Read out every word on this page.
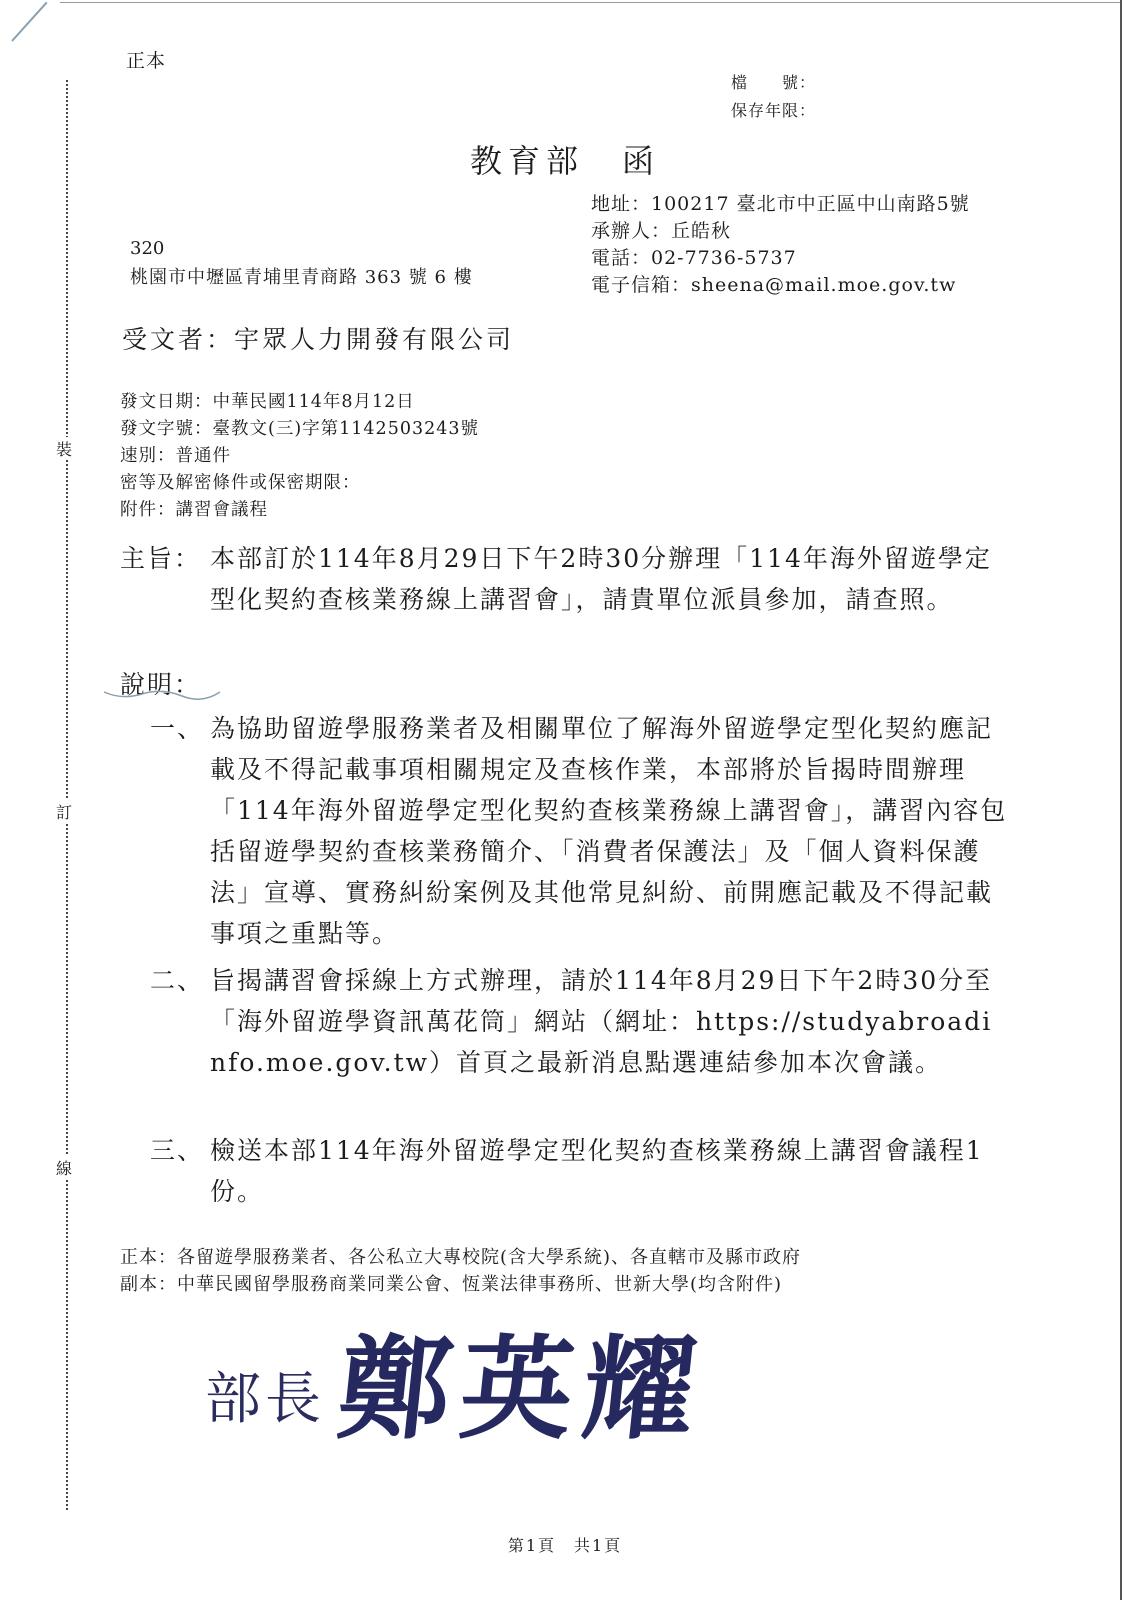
裝
訂
線
正本
檔　　號：
保存年限：
教育部 函
地址：100217 臺北市中正區中山南路5號
承辦人：丘皓秋
電話：02-7736-5737
電子信箱：sheena@mail.moe.gov.tw
320
桃園市中壢區青埔里青商路 363 號 6 樓
受文者：宇眾人力開發有限公司
發文日期：中華民國114年8月12日
發文字號：臺教文(三)字第1142503243號
速別：普通件
密等及解密條件或保密期限：
附件：講習會議程
主旨： 本部訂於114年8月29日下午2時30分辦理「114年海外留遊學定型化契約查核業務線上講習會」，請貴單位派員參加，請查照。
說明：
一、 為協助留遊學服務業者及相關單位了解海外留遊學定型化契約應記載及不得記載事項相關規定及查核作業，本部將於旨揭時間辦理「114年海外留遊學定型化契約查核業務線上講習會」，講習內容包括留遊學契約查核業務簡介、「消費者保護法」及「個人資料保護法」宣導、實務糾紛案例及其他常見糾紛、前開應記載及不得記載事項之重點等。
二、 旨揭講習會採線上方式辦理，請於114年8月29日下午2時30分至「海外留遊學資訊萬花筒」網站（網址：https://studyabroadinfo.moe.gov.tw）首頁之最新消息點選連結參加本次會議。
三、 檢送本部114年海外留遊學定型化契約查核業務線上講習會議程1份。
正本：各留遊學服務業者、各公私立大專校院(含大學系統)、各直轄市及縣市政府
副本：中華民國留學服務商業同業公會、恆業法律事務所、世新大學(均含附件)
部長 鄭英耀
第1頁　共1頁
